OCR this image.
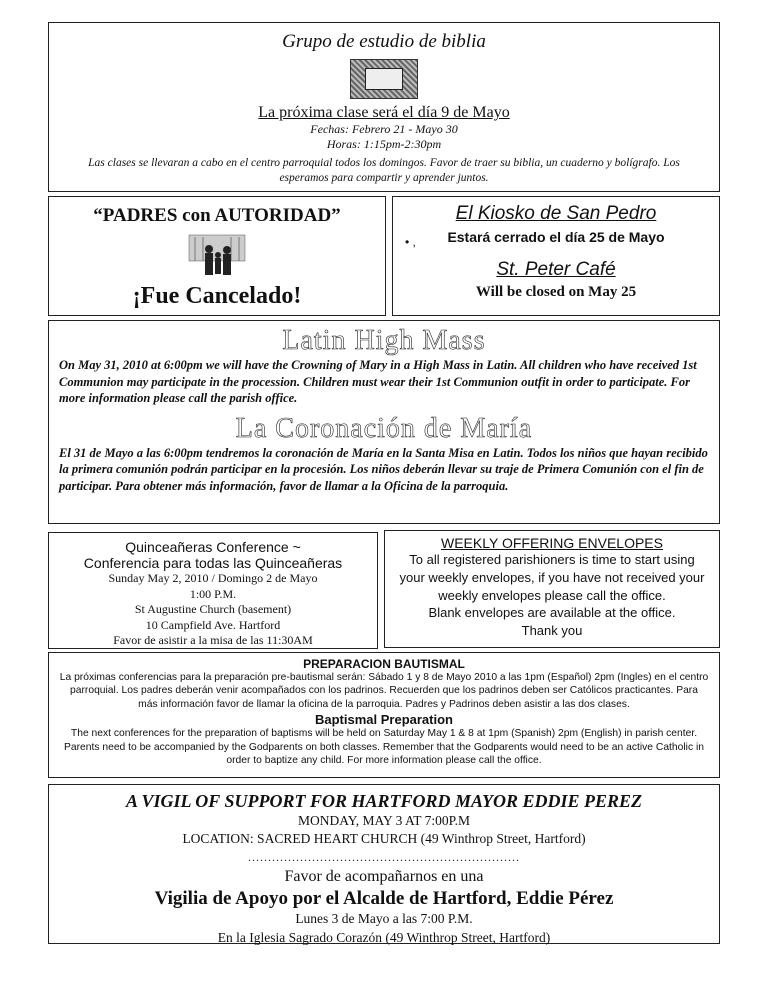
Grupo de estudio de biblia
La próxima clase será el día 9 de Mayo
Fechas: Febrero 21 - Mayo 30
Horas: 1:15pm-2:30pm
Las clases se llevaran a cabo en el centro parroquial todos los domingos. Favor de traer su biblia, un cuaderno y bolígrafo. Los esperamos para compartir y aprender juntos.
“PADRES con AUTORIDAD”
¡Fue Cancelado!
• ,
El Kiosko de San Pedro
Estará cerrado el día 25 de Mayo
St. Peter Café
Will be closed on May 25
Latin High Mass
On May 31, 2010 at 6:00pm we will have the Crowning of Mary in a High Mass in Latin. All children who have received 1st Communion may participate in the procession. Children must wear their 1st Communion outfit in order to participate. For more information please call the parish office.
La Coronación de María
El 31 de Mayo a las 6:00pm tendremos la coronación de María en la Santa Misa en Latin. Todos los niños que hayan recibido la primera comunión podrán participar en la procesión. Los niños deberán llevar su traje de Primera Comunión con el fin de participar. Para obtener más información, favor de llamar a la Oficina de la parroquia.
Quinceañeras Conference ~
Conferencia para todas las Quinceañeras
Sunday May 2, 2010 / Domingo 2 de Mayo
1:00 P.M.
St Augustine Church (basement)
10 Campfield Ave. Hartford
Favor de asistir a la misa de las 11:30AM
WEEKLY OFFERING ENVELOPES
To all registered parishioners is time to start using
your weekly envelopes, if you have not received your
weekly envelopes please call the office.
Blank envelopes are available at the office.
Thank you
PREPARACION BAUTISMAL
La próximas conferencias para la preparación pre-bautismal serán: Sábado 1 y 8 de Mayo 2010 a las 1pm (Español) 2pm (Ingles) en el centro parroquial. Los padres deberán venir acompañados con los padrinos. Recuerden que los padrinos deben ser Católicos practicantes. Para más información favor de llamar la oficina de la parroquia. Padres y Padrinos deben asistir a las dos clases.
Baptismal Preparation
The next conferences for the preparation of baptisms will be held on Saturday May 1 & 8 at 1pm (Spanish) 2pm (English) in parish center. Parents need to be accompanied by the Godparents on both classes. Remember that the Godparents would need to be an active Catholic in order to baptize any child. For more information please call the office.
A VIGIL OF SUPPORT FOR HARTFORD MAYOR EDDIE PEREZ
MONDAY, MAY 3 AT 7:00P.M
LOCATION: SACRED HEART CHURCH (49 Winthrop Street, Hartford)
....................................................................
Favor de acompañarnos en una
Vigilia de Apoyo por el Alcalde de Hartford, Eddie Pérez
Lunes 3 de Mayo a las 7:00 P.M.
En la Iglesia Sagrado Corazón (49 Winthrop Street, Hartford)
